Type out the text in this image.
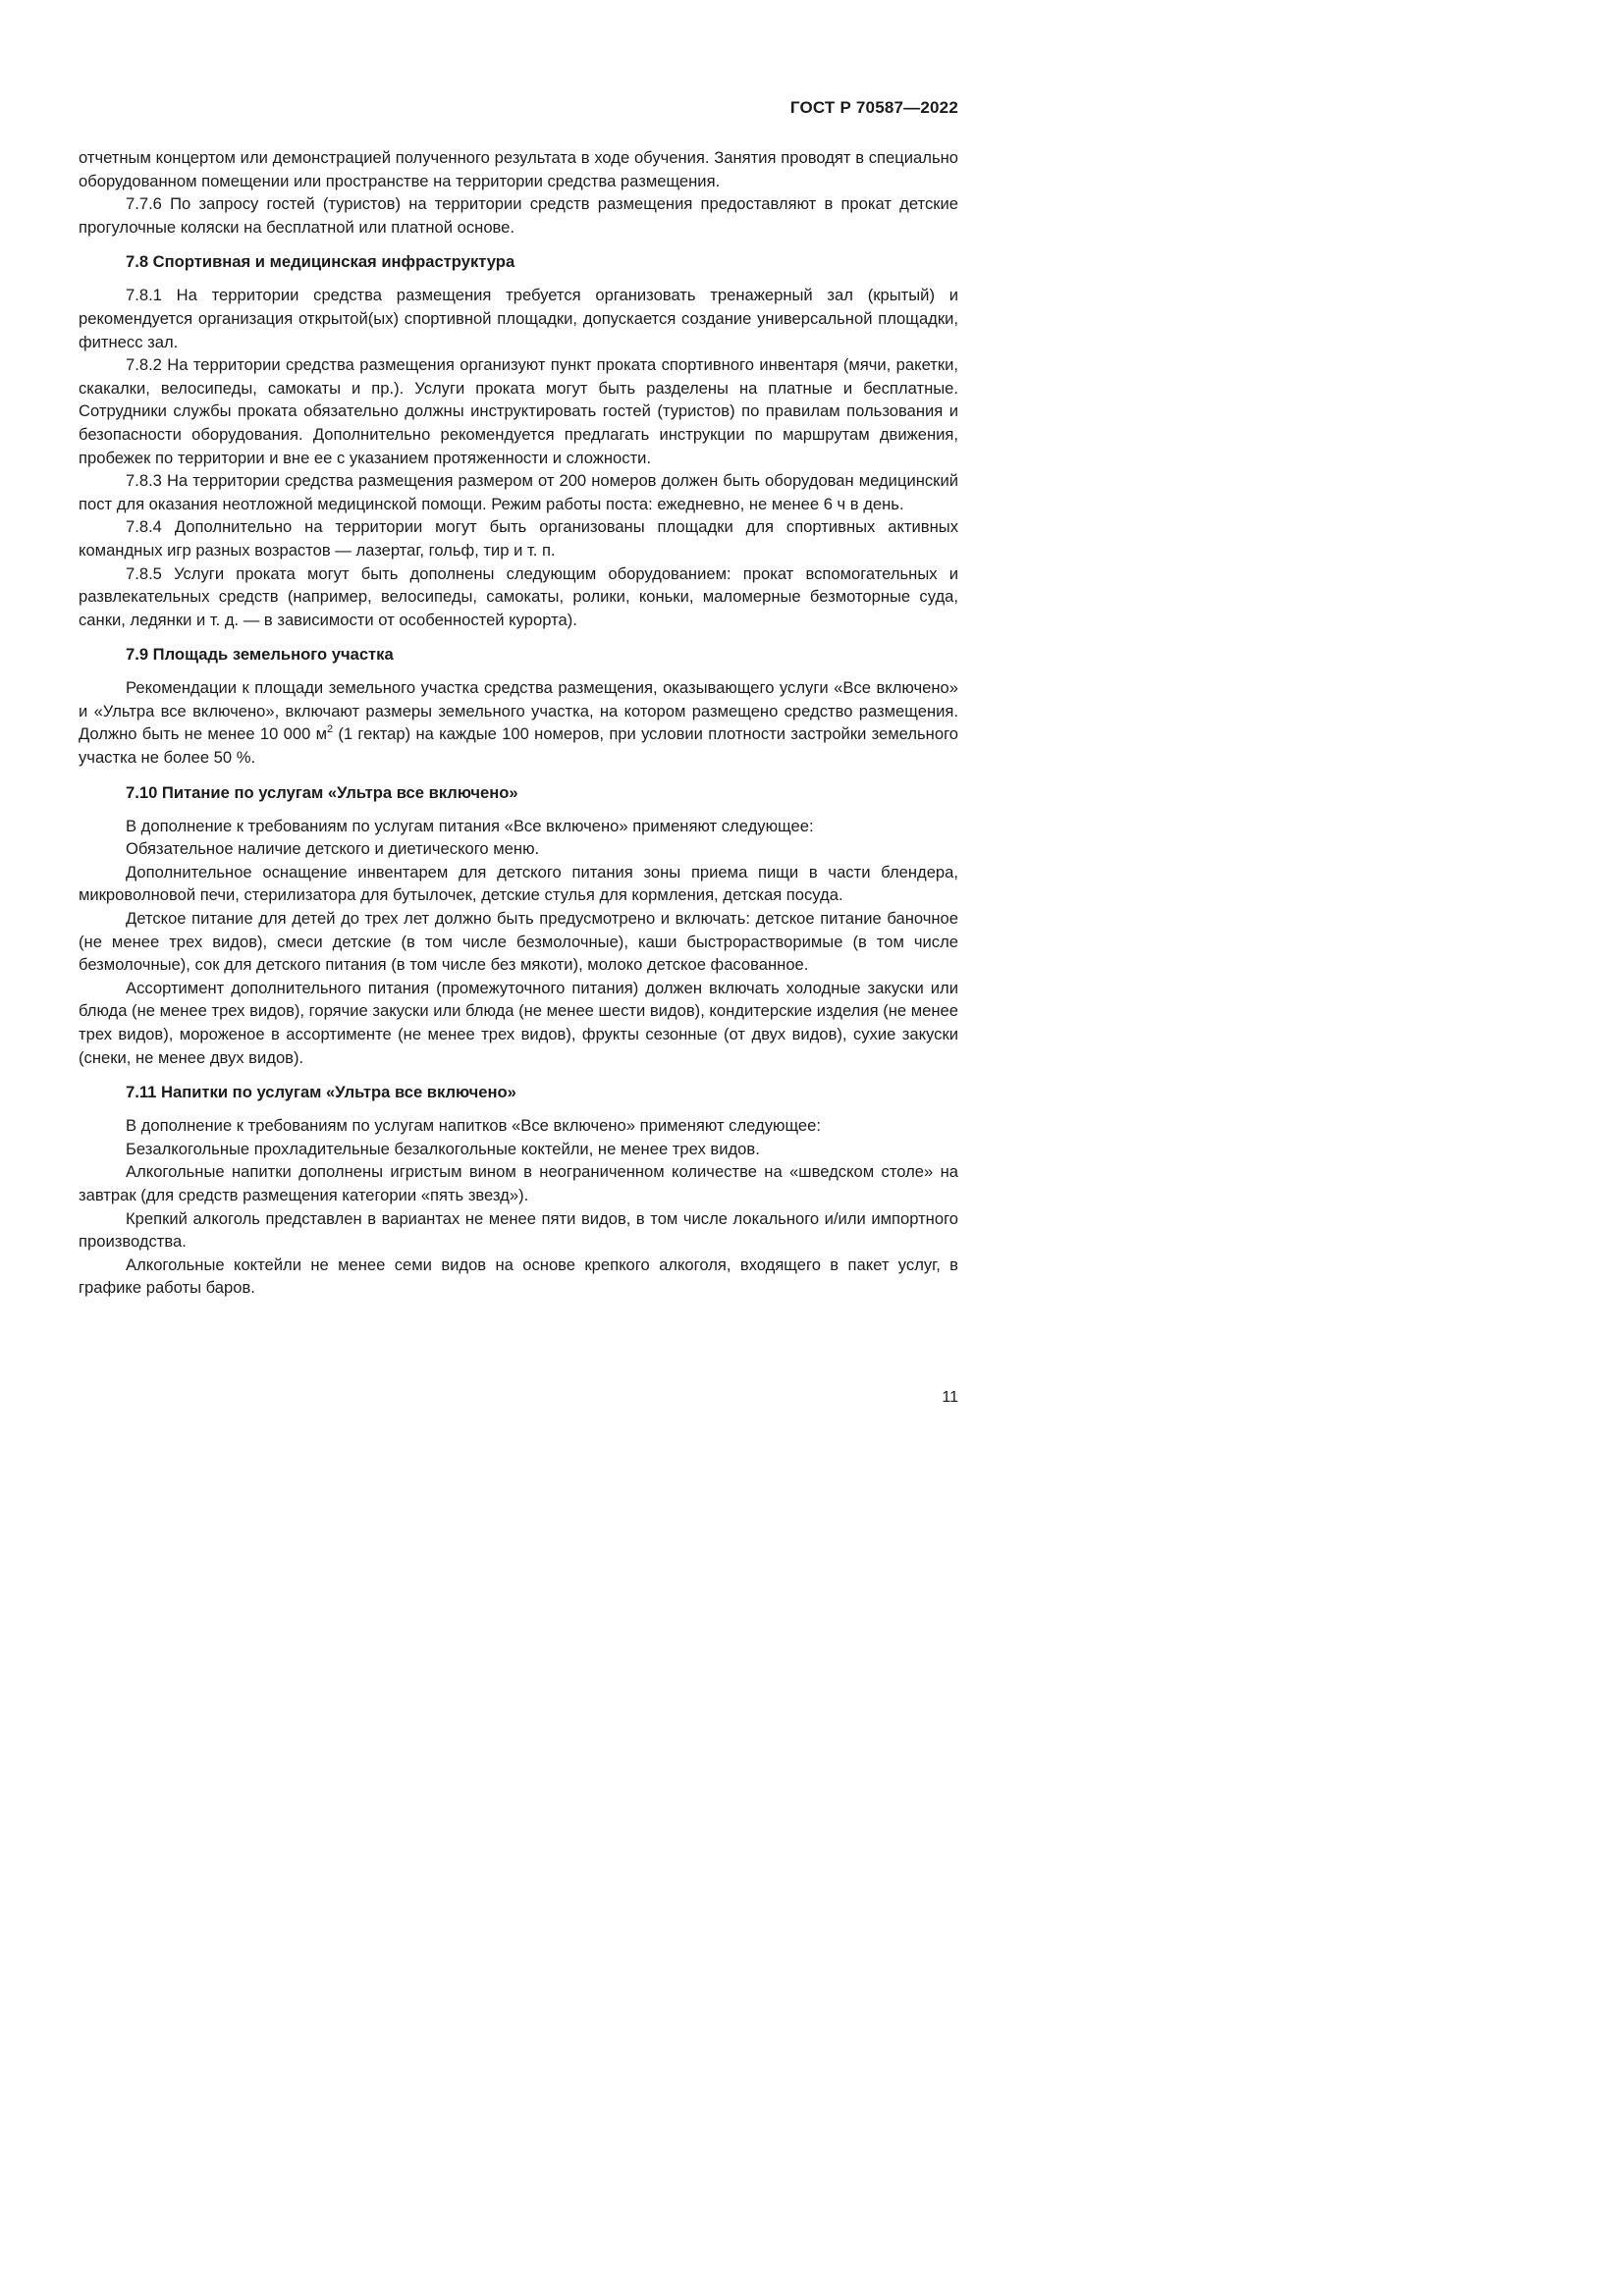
ГОСТ Р 70587—2022

отчетным концертом или демонстрацией полученного результата в ходе обучения. Занятия проводят в специально оборудованном помещении или пространстве на территории средства размещения.

7.7.6 По запросу гостей (туристов) на территории средств размещения предоставляют в прокат детские прогулочные коляски на бесплатной или платной основе.

7.8 Спортивная и медицинская инфраструктура

7.8.1 На территории средства размещения требуется организовать тренажерный зал (крытый) и рекомендуется организация открытой(ых) спортивной площадки, допускается создание универсальной площадки, фитнесс зал.

7.8.2 На территории средства размещения организуют пункт проката спортивного инвентаря (мячи, ракетки, скакалки, велосипеды, самокаты и пр.). Услуги проката могут быть разделены на платные и бесплатные. Сотрудники службы проката обязательно должны инструктировать гостей (туристов) по правилам пользования и безопасности оборудования. Дополнительно рекомендуется предлагать инструкции по маршрутам движения, пробежек по территории и вне ее с указанием протяженности и сложности.

7.8.3 На территории средства размещения размером от 200 номеров должен быть оборудован медицинский пост для оказания неотложной медицинской помощи. Режим работы поста: ежедневно, не менее 6 ч в день.

7.8.4 Дополнительно на территории могут быть организованы площадки для спортивных активных командных игр разных возрастов — лазертаг, гольф, тир и т. п.

7.8.5 Услуги проката могут быть дополнены следующим оборудованием: прокат вспомогательных и развлекательных средств (например, велосипеды, самокаты, ролики, коньки, маломерные безмоторные суда, санки, ледянки и т. д. — в зависимости от особенностей курорта).

7.9 Площадь земельного участка

Рекомендации к площади земельного участка средства размещения, оказывающего услуги «Все включено» и «Ультра все включено», включают размеры земельного участка, на котором размещено средство размещения. Должно быть не менее 10 000 $м^2$ (1 гектар) на каждые 100 номеров, при условии плотности застройки земельного участка не более 50 %.

7.10 Питание по услугам «Ультра все включено»

В дополнение к требованиям по услугам питания «Все включено» применяют следующее:

Обязательное наличие детского и диетического меню.

Дополнительное оснащение инвентарем для детского питания зоны приема пищи в части блендера, микроволновой печи, стерилизатора для бутылочек, детские стулья для кормления, детская посуда.

Детское питание для детей до трех лет должно быть предусмотрено и включать: детское питание баночное (не менее трех видов), смеси детские (в том числе безмолочные), каши быстрорастворимые (в том числе безмолочные), сок для детского питания (в том числе без мякоти), молоко детское фасованное.

Ассортимент дополнительного питания (промежуточного питания) должен включать холодные закуски или блюда (не менее трех видов), горячие закуски или блюда (не менее шести видов), кондитерские изделия (не менее трех видов), мороженое в ассортименте (не менее трех видов), фрукты сезонные (от двух видов), сухие закуски (снеки, не менее двух видов).

7.11 Напитки по услугам «Ультра все включено»

В дополнение к требованиям по услугам напитков «Все включено» применяют следующее:

Безалкогольные прохладительные безалкогольные коктейли, не менее трех видов.

Алкогольные напитки дополнены игристым вином в неограниченном количестве на «шведском столе» на завтрак (для средств размещения категории «пять звезд»).

Крепкий алкоголь представлен в вариантах не менее пяти видов, в том числе локального и/или импортного производства.

Алкогольные коктейли не менее семи видов на основе крепкого алкоголя, входящего в пакет услуг, в графике работы баров.

11
